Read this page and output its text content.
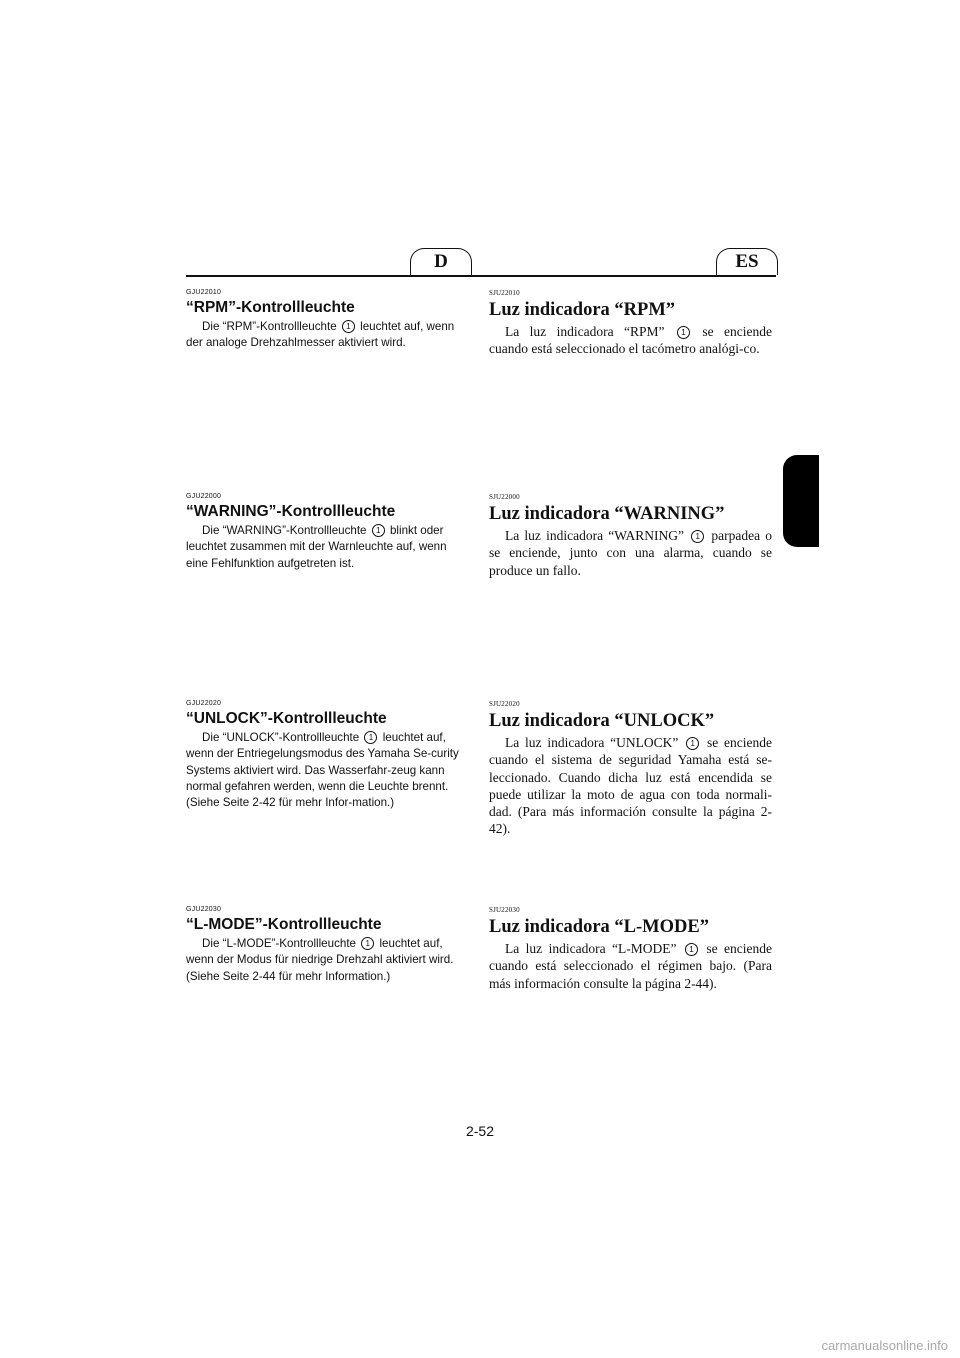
D	ES
GJU22010
“RPM”-Kontrollleuchte

Die “RPM”-Kontrollleuchte 1 leuchtet auf, wenn der analoge Drehzahlmesser aktiviert wird.

GJU22000
“WARNING”-Kontrollleuchte

Die “WARNING”-Kontrollleuchte 1 blinkt oder leuchtet zusammen mit der Warnleuchte auf, wenn eine Fehlfunktion aufgetreten ist.

GJU22020
“UNLOCK”-Kontrollleuchte

Die “UNLOCK”-Kontrollleuchte 1 leuchtet auf, wenn der Entriegelungsmodus des Yamaha Se-curity Systems aktiviert wird. Das Wasserfahr-zeug kann normal gefahren werden, wenn die Leuchte brennt. (Siehe Seite 2-42 für mehr Infor-mation.)

GJU22030
“L-MODE”-Kontrollleuchte

Die “L-MODE”-Kontrollleuchte 1 leuchtet auf, wenn der Modus für niedrige Drehzahl aktiviert wird. (Siehe Seite 2-44 für mehr Information.)

SJU22010
Luz indicadora “RPM”

La luz indicadora “RPM” 1 se enciende cuando está seleccionado el tacómetro analógi-co.

SJU22000
Luz indicadora “WARNING”

La luz indicadora “WARNING” 1 parpadea o se enciende, junto con una alarma, cuando se produce un fallo.

SJU22020
Luz indicadora “UNLOCK”

La luz indicadora “UNLOCK” 1 se enciende cuando el sistema de seguridad Yamaha está se-leccionado. Cuando dicha luz está encendida se puede utilizar la moto de agua con toda normali-dad. (Para más información consulte la página 2-42).

SJU22030
Luz indicadora “L-MODE”

La luz indicadora “L-MODE” 1 se enciende cuando está seleccionado el régimen bajo. (Para más información consulte la página 2-44).

2-52
carmanualsonline.info
